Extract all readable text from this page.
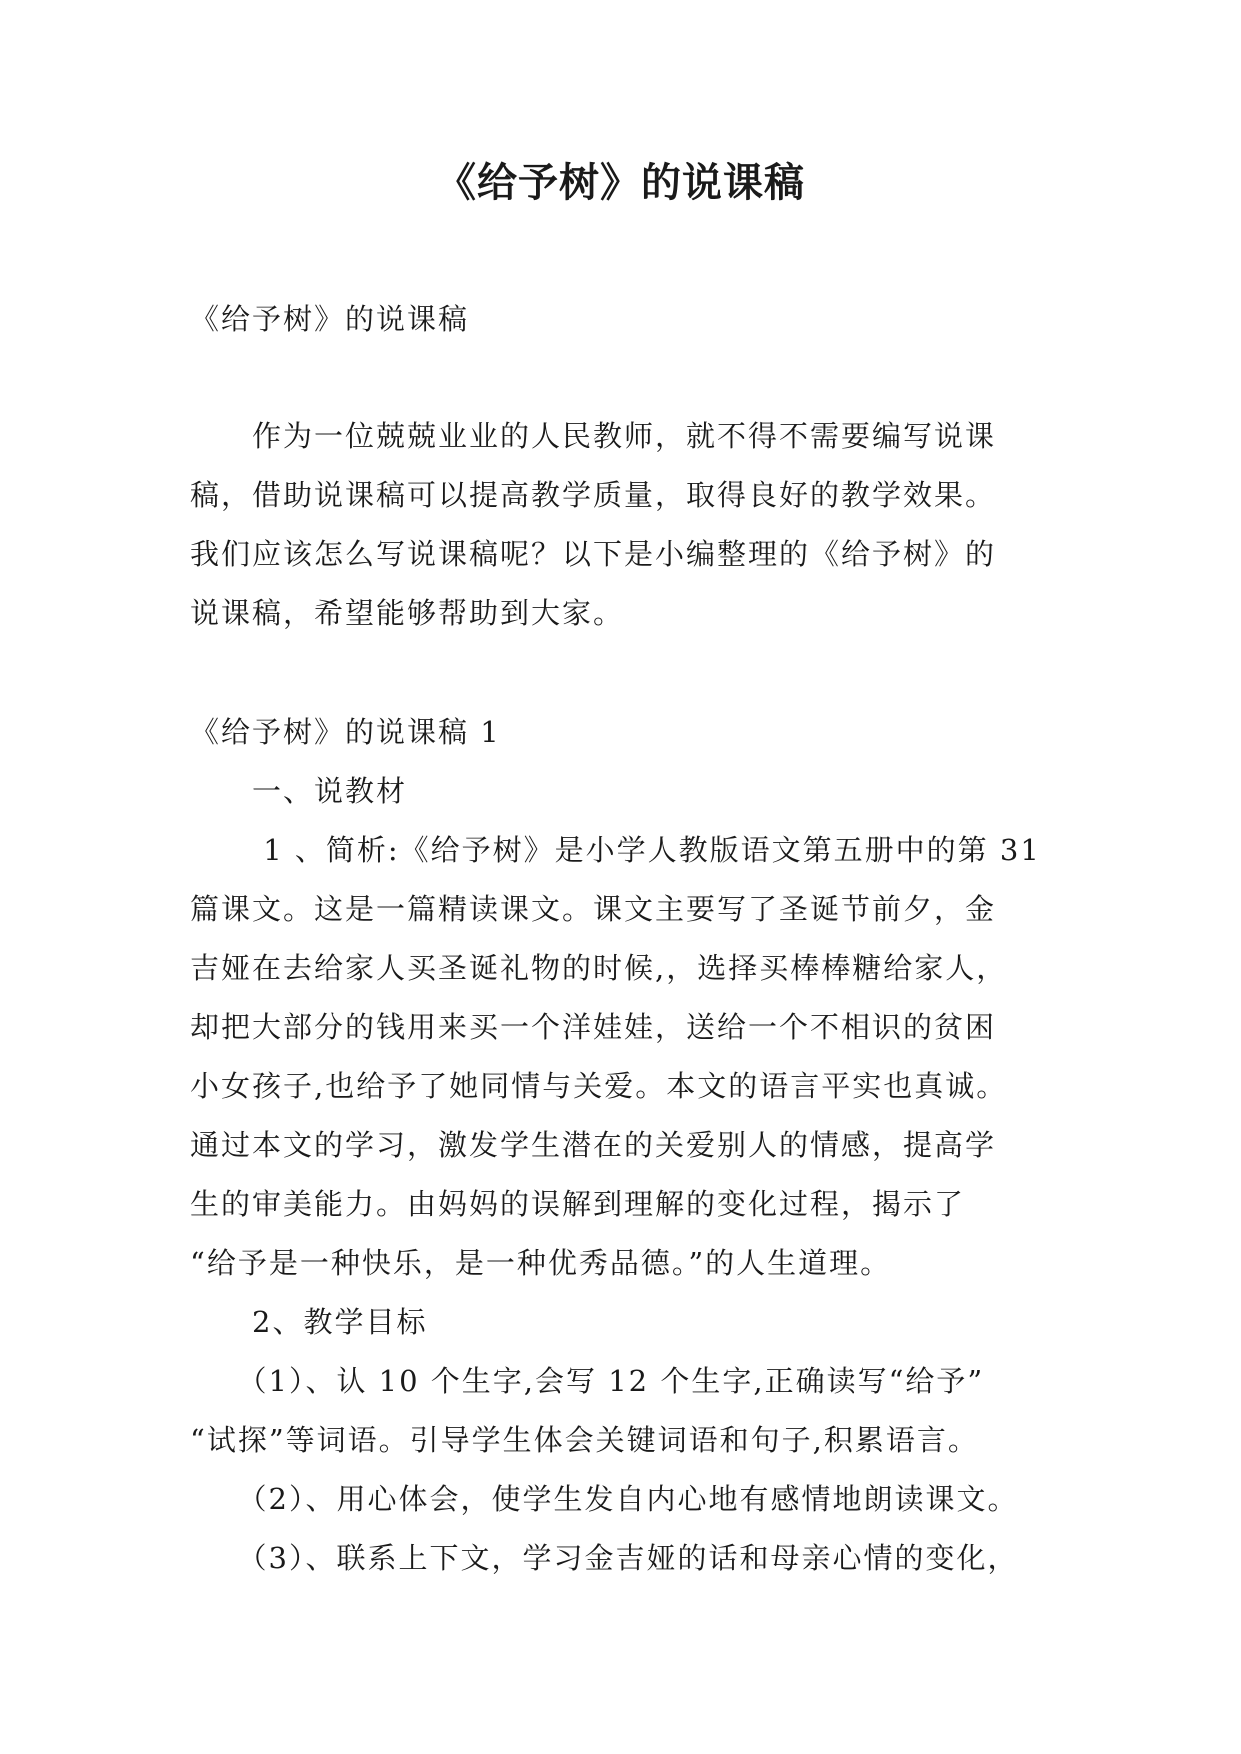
《给予树》的说课稿

《给予树》的说课稿

　　作为一位兢兢业业的人民教师，就不得不需要编写说课
稿，借助说课稿可以提高教学质量，取得良好的教学效果。
我们应该怎么写说课稿呢？以下是小编整理的《给予树》的
说课稿，希望能够帮助到大家。

《给予树》的说课稿 1
　　一、说教材
　　 1 、简析:《给予树》是小学人教版语文第五册中的第 31
篇课文。这是一篇精读课文。课文主要写了圣诞节前夕，金
吉娅在去给家人买圣诞礼物的时候,，选择买棒棒糖给家人，
却把大部分的钱用来买一个洋娃娃，送给一个不相识的贫困
小女孩子,也给予了她同情与关爱。本文的语言平实也真诚。
通过本文的学习，激发学生潜在的关爱别人的情感，提高学
生的审美能力。由妈妈的误解到理解的变化过程，揭示了
“给予是一种快乐，是一种优秀品德。”的人生道理。
　　2、教学目标
　　（1）、认 10 个生字,会写 12 个生字,正确读写“给予”
“试探”等词语。引导学生体会关键词语和句子,积累语言。
　　（2）、用心体会，使学生发自内心地有感情地朗读课文。
　　（3）、联系上下文，学习金吉娅的话和母亲心情的变化，
